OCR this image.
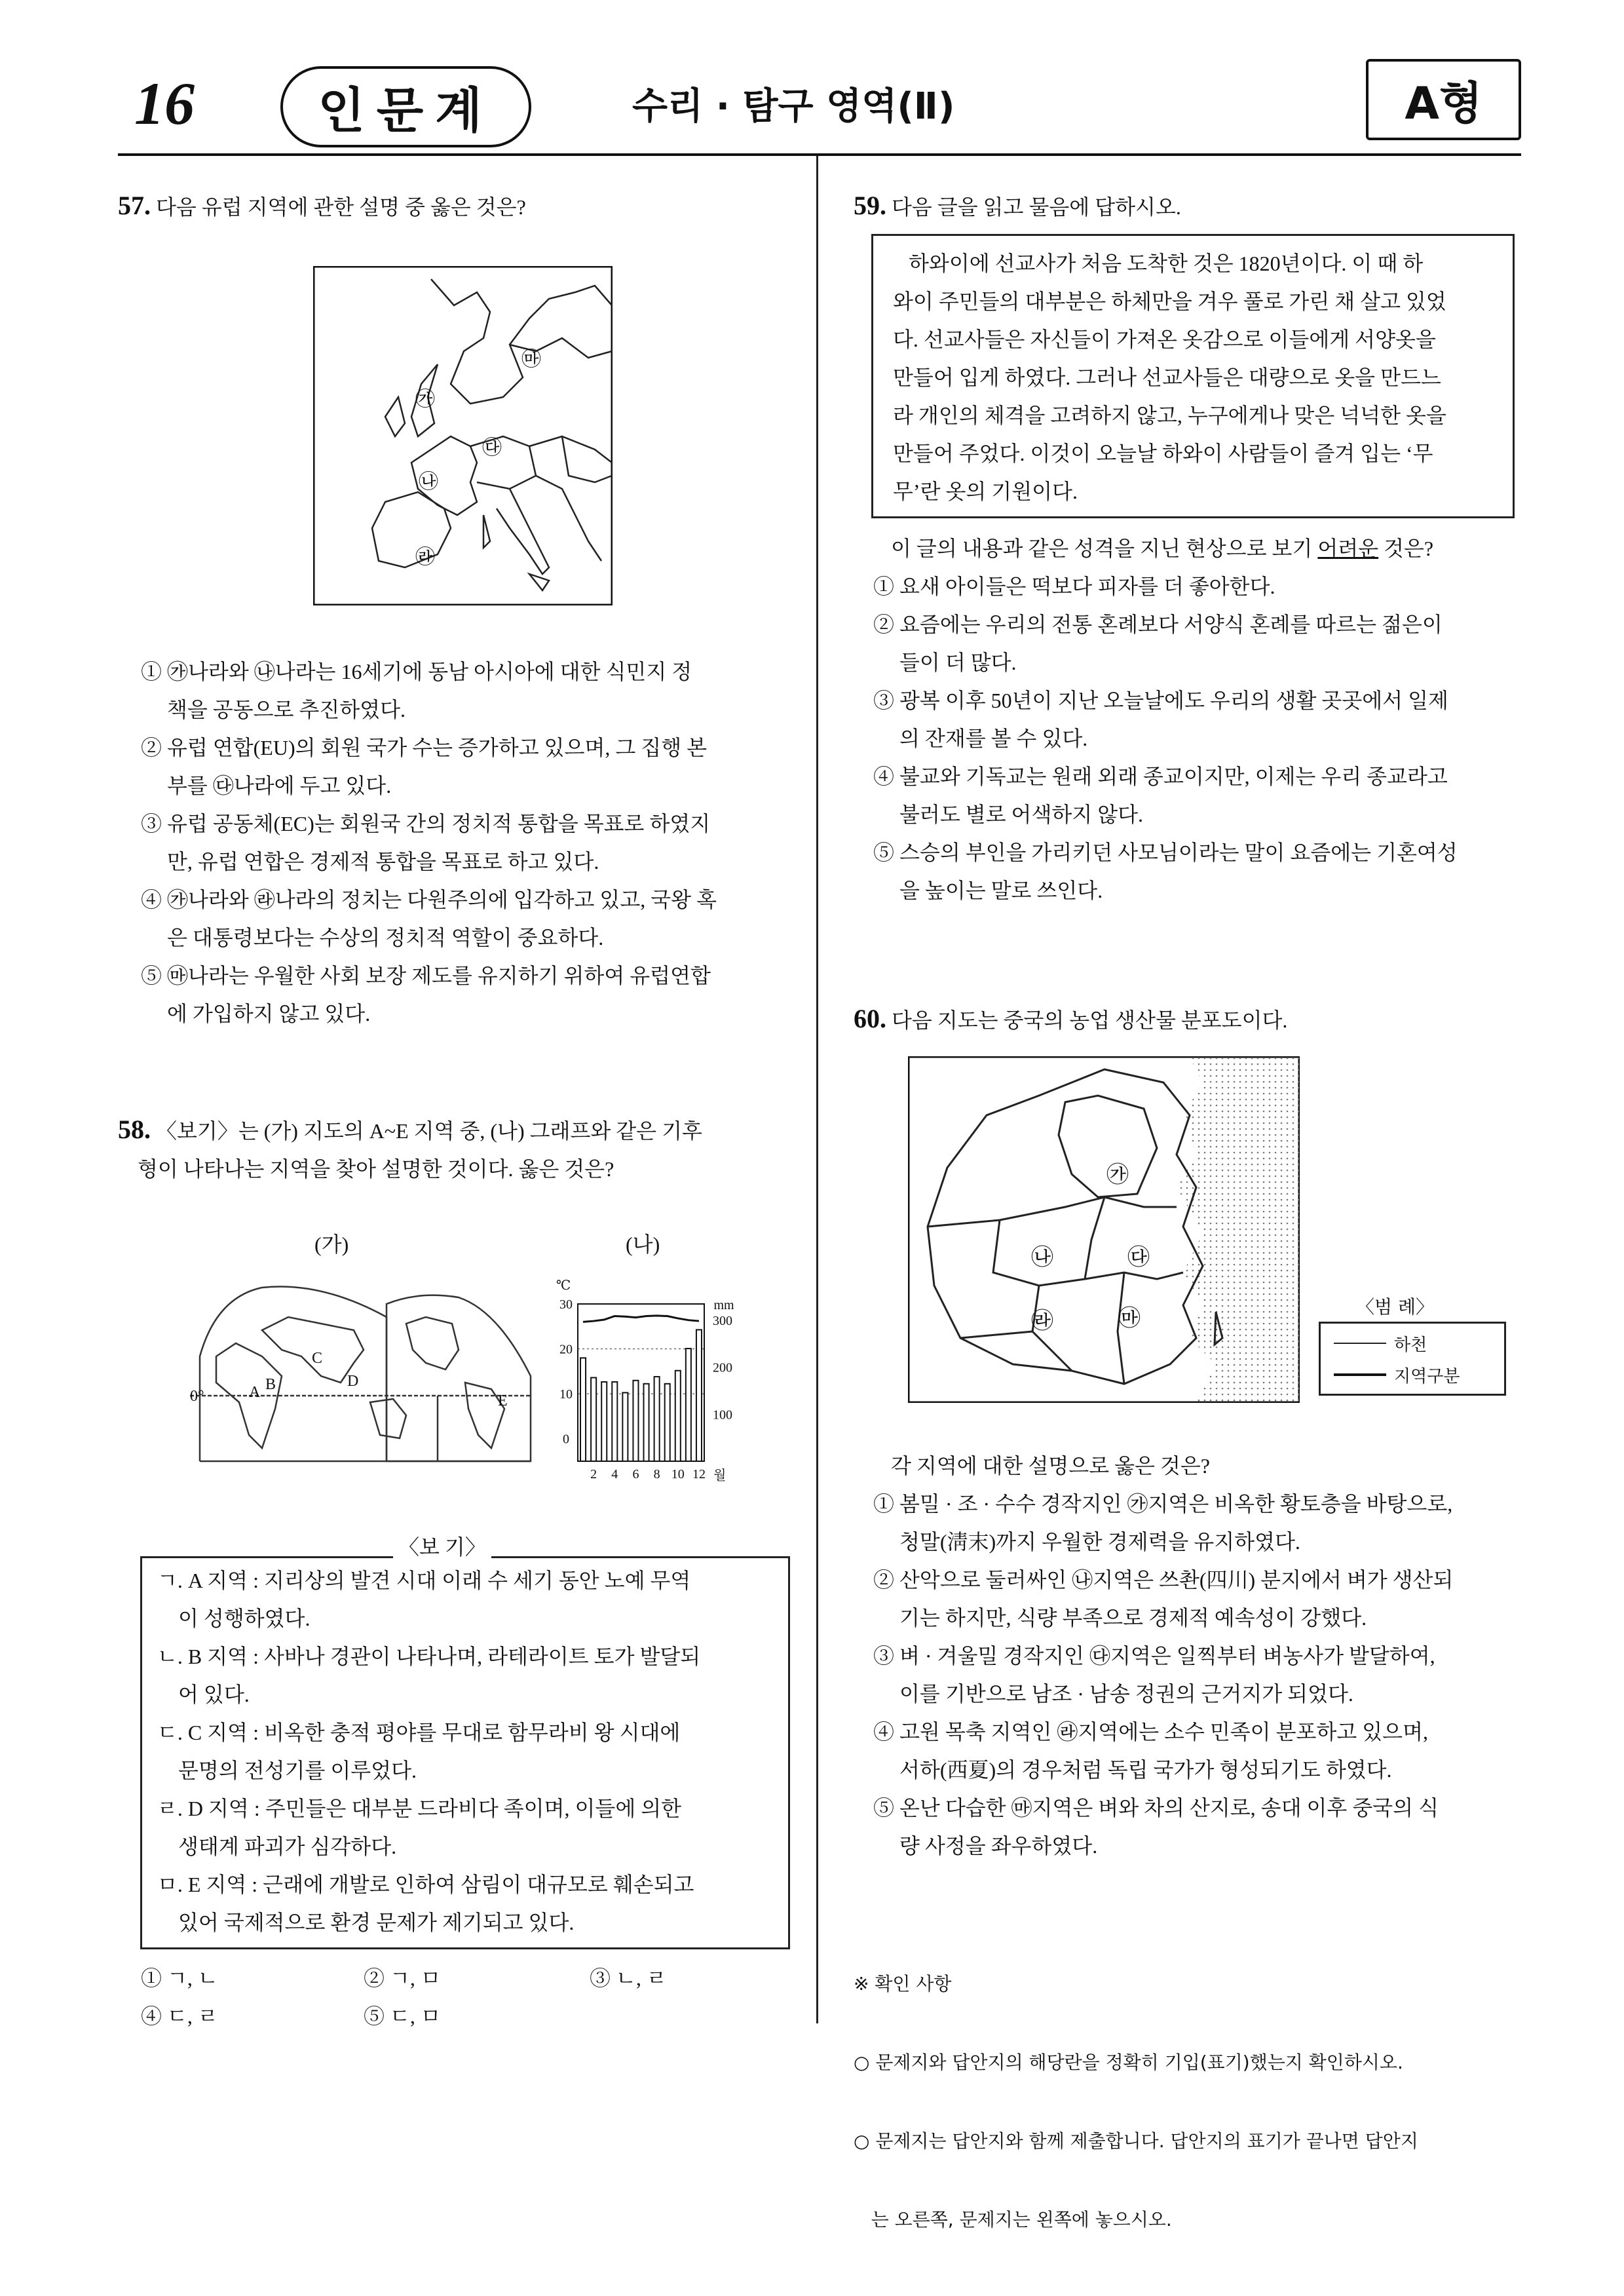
16	인문계	수리 · 탐구 영역(Ⅱ)	A형
57. 다음 유럽 지역에 관한 설명 중 옳은 것은?
㉮
㉯
㉰
㉱
㉲
① ㉮나라와 ㉯나라는 16세기에 동남 아시아에 대한 식민지 정
책을 공동으로 추진하였다.
② 유럽 연합(EU)의 회원 국가 수는 증가하고 있으며, 그 집행 본
부를 ㉰나라에 두고 있다.
③ 유럽 공동체(EC)는 회원국 간의 정치적 통합을 목표로 하였지
만, 유럽 연합은 경제적 통합을 목표로 하고 있다.
④ ㉮나라와 ㉱나라의 정치는 다원주의에 입각하고 있고, 국왕 혹
은 대통령보다는 수상의 정치적 역할이 중요하다.
⑤ ㉲나라는 우월한 사회 보장 제도를 유지하기 위하여 유럽연합
에 가입하지 않고 있다.
58. 〈보기〉는 (가) 지도의 A~E 지역 중, (나) 그래프와 같은 기후
형이 나타나는 지역을 찾아 설명한 것이다. 옳은 것은?
(가)	(나)
0°	A B
C
D
E
℃
mm
0
10
20
30
100
200
300
2 4 6 8 10 12 월
〈보 기〉
ㄱ. A 지역 : 지리상의 발견 시대 이래 수 세기 동안 노예 무역
이 성행하였다.
ㄴ. B 지역 : 사바나 경관이 나타나며, 라테라이트 토가 발달되
어 있다.
ㄷ. C 지역 : 비옥한 충적 평야를 무대로 함무라비 왕 시대에
문명의 전성기를 이루었다.
ㄹ. D 지역 : 주민들은 대부분 드라비다 족이며, 이들에 의한
생태계 파괴가 심각하다.
ㅁ. E 지역 : 근래에 개발로 인하여 삼림이 대규모로 훼손되고
있어 국제적으로 환경 문제가 제기되고 있다.
① ㄱ, ㄴ	② ㄱ, ㅁ	③ ㄴ, ㄹ
④ ㄷ, ㄹ	⑤ ㄷ, ㅁ
59. 다음 글을 읽고 물음에 답하시오.
하와이에 선교사가 처음 도착한 것은 1820년이다. 이 때 하
와이 주민들의 대부분은 하체만을 겨우 풀로 가린 채 살고 있었
다. 선교사들은 자신들이 가져온 옷감으로 이들에게 서양옷을
만들어 입게 하였다. 그러나 선교사들은 대량으로 옷을 만드느
라 개인의 체격을 고려하지 않고, 누구에게나 맞은 넉넉한 옷을
만들어 주었다. 이것이 오늘날 하와이 사람들이 즐겨 입는 ‘무
무’란 옷의 기원이다.
이 글의 내용과 같은 성격을 지닌 현상으로 보기 어려운 것은?
① 요새 아이들은 떡보다 피자를 더 좋아한다.
② 요즘에는 우리의 전통 혼례보다 서양식 혼례를 따르는 젊은이
들이 더 많다.
③ 광복 이후 50년이 지난 오늘날에도 우리의 생활 곳곳에서 일제
의 잔재를 볼 수 있다.
④ 불교와 기독교는 원래 외래 종교이지만, 이제는 우리 종교라고
불러도 별로 어색하지 않다.
⑤ 스승의 부인을 가리키던 사모님이라는 말이 요즘에는 기혼여성
을 높이는 말로 쓰인다.
60. 다음 지도는 중국의 농업 생산물 분포도이다.
㉮
㉯	㉰
㉱	㉲	〈범 례〉
하천
지역구분
각 지역에 대한 설명으로 옳은 것은?
① 봄밀 · 조 · 수수 경작지인 ㉮지역은 비옥한 황토층을 바탕으로,
청말(淸末)까지 우월한 경제력을 유지하였다.
② 산악으로 둘러싸인 ㉯지역은 쓰촨(四川) 분지에서 벼가 생산되
기는 하지만, 식량 부족으로 경제적 예속성이 강했다.
③ 벼 · 겨울밀 경작지인 ㉰지역은 일찍부터 벼농사가 발달하여,
이를 기반으로 남조 · 남송 정권의 근거지가 되었다.
④ 고원 목축 지역인 ㉱지역에는 소수 민족이 분포하고 있으며,
서하(西夏)의 경우처럼 독립 국가가 형성되기도 하였다.
⑤ 온난 다습한 ㉲지역은 벼와 차의 산지로, 송대 이후 중국의 식
량 사정을 좌우하였다.

※ 확인 사항

○ 문제지와 답안지의 해당란을 정확히 기입(표기)했는지 확인하시오.

○ 문제지는 답안지와 함께 제출합니다. 답안지의 표기가 끝나면 답안지

는 오른쪽, 문제지는 왼쪽에 놓으시오.
